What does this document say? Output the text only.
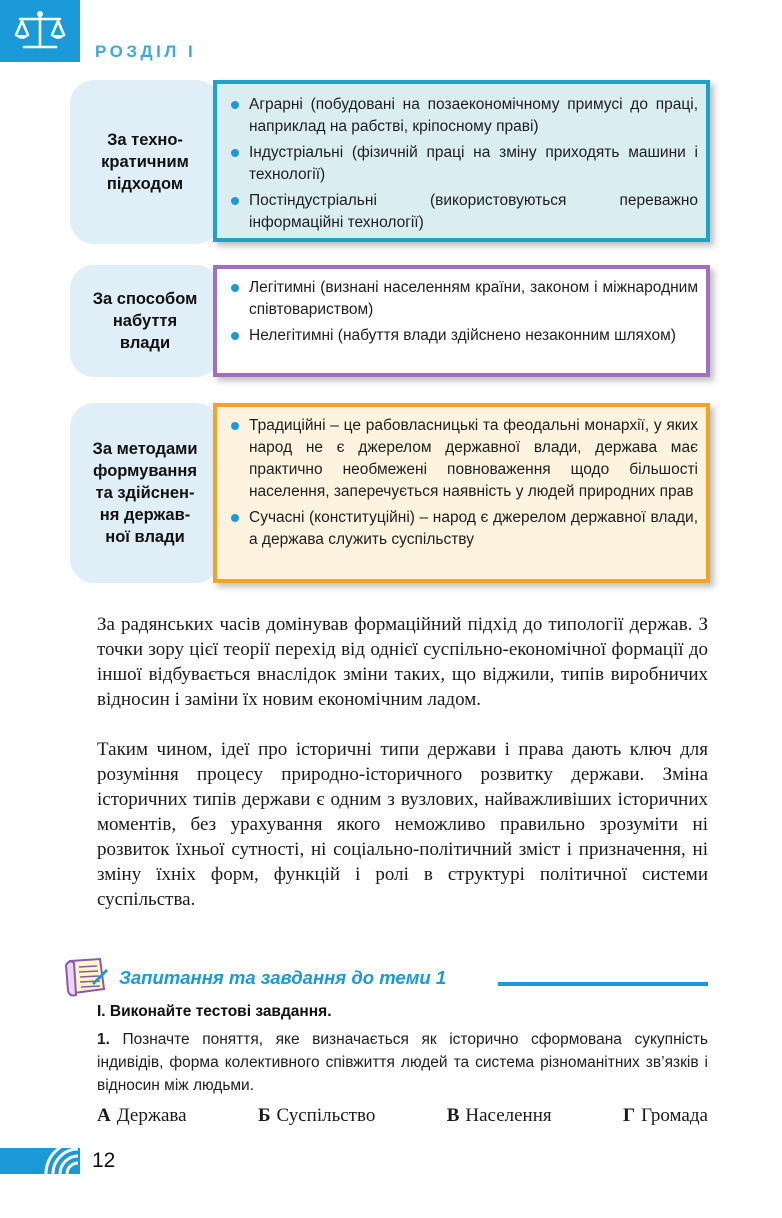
РОЗДІЛ І
За техно-
кратичним
підходом
Аграрні (побудовані на позаекономічному примусі до праці, наприклад на рабстві, кріпосному праві)
Індустріальні (фізичній праці на зміну приходять машини і технології)
Постіндустріальні (використовуються переважно інформаційні технології)
За способом
набуття
влади
Легітимні (визнані населенням країни, законом і міжнародним співтовариством)
Нелегітимні (набуття влади здійснено незаконним шляхом)
За методами
формування
та здійснен-
ня держав-
ної влади
Традиційні – це рабовласницькі та феодальні монархії, у яких народ не є джерелом державної влади, держава має практично необмежені повноваження щодо більшості населення, заперечується наявність у людей природних прав
Сучасні (конституційні) – народ є джерелом державної влади, а держава служить суспільству

За радянських часів домінував формаційний підхід до типології держав. З точки зору цієї теорії перехід від однієї суспільно-економічної формації до іншої відбувається внаслідок зміни таких, що віджили, типів виробничих відносин і заміни їх новим економічним ладом.

Таким чином, ідеї про історичні типи держави і права дають ключ для розуміння процесу природно-історичного розвитку держави. Зміна історичних типів держави є одним з вузлових, найважливіших історичних моментів, без урахування якого неможливо правильно зрозуміти ні розвиток їхньої сутності, ні соціально-політичний зміст і призначення, ні зміну їхніх форм, функцій і ролі в структурі політичної системи суспільства.

Запитання та завдання до теми 1
І. Виконайте тестові завдання.
1. Позначте поняття, яке визначається як історично сформована сукупність індивідів, форма колективного співжиття людей та система різноманітних зв’язків і відносин між людьми.
А Держава	Б Суспільство	В Населення	Г Громада
12
